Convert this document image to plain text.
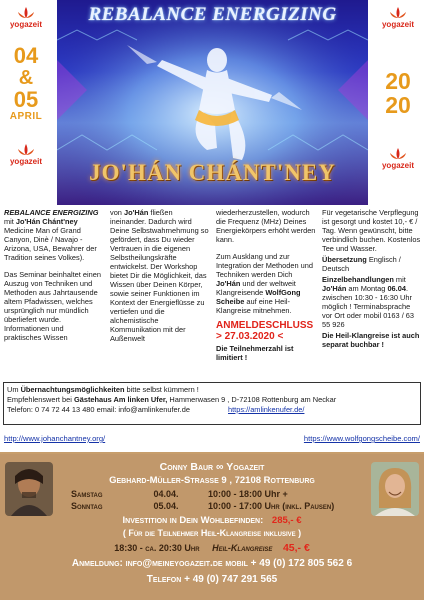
yogazeit
04
&
05
APRIL
yogazeit
REBALANCE ENERGIZING
JO'HÁN CHÁNT'NEY
yogazeit
20
20
yogazeit

REBALANCE ENERGIZING mit Jo'Hán Chánt'ney Medicine Man of Grand Canyon, Dinè / Navajo - Arizona, USA, Bewahrer der Tradition seines Volkes).

Das Seminar beinhaltet einen Auszug von Techniken und Methoden aus Jahrtausende altem Pfadwissen, welches ursprünglich nur mündlich überliefert wurde. Informationen und praktisches Wissen

von Jo'Hán fließen ineinander. Dadurch wird Deine Selbstwahrnehmung so gefördert, dass Du wieder Vertrauen in die eigenen Selbstheilungskräfte entwickelst. Der Workshop bietet Dir die Möglichkeit, das Wissen über Deinen Körper, sowie seiner Funktionen im Kontext der Energieflüsse zu vertiefen und die alchemistische Kommunikation mit der Außenwelt

wiederherzustellen, wodurch die Frequenz (MHz) Deines Energiekörpers erhöht werden kann.

Zum Ausklang und zur Integration der Methoden und Techniken werden Dich Jo'Hán und der weltweit Klangreisende WolfGong Scheibe auf eine Heil-Klangreise mitnehmen.

ANMELDESCHLUSS
> 27.03.2020 <
Die Teilnehmerzahl ist limitiert !

Für vegetarische Verpflegung ist gesorgt und kostet 10,- € / Tag. Wenn gewünscht, bitte verbindlich buchen. Kostenlos Tee und Wasser.

Übersetzung Englisch / Deutsch

Einzelbehandlungen mit Jo'Hán am Montag 06.04. zwischen 10:30 - 16:30 Uhr möglich ! Terminabsprache vor Ort oder mobil 0163 / 63 55 926

Die Heil-Klangreise ist auch separat buchbar !

Um Übernachtungsmöglichkeiten bitte selbst kümmern !
Empfehlenswert bei Gästehaus Am linken Ufer, Hammerwasen 9 , D-72108 Rottenburg am Neckar
Telefon: 0 74 72 44 13 480 email: info@amlinkenufer.de	https://amlinkenufer.de/
http://www.johanchantney.org/	https://www.wolfgongscheibe.com/
Conny Baur ∞ Yogazeit
Gebhard-Müller-Straße 9 , 72108 Rottenburg
Samstag	04.04.	10:00 - 18:00 Uhr +
Sonntag	05.04.	10:00 - 17:00 Uhr (inkl. Pausen)
Investition in Dein Wohlbefinden: 285,- €
( Für die Teilnehmer Heil-Klangreise inklusive )
18:30 - ca. 20:30 Uhr Heil-Klangreise 45,- €
Anmeldung: info@meineyogazeit.de mobil + 49 (0) 172 805 562 6
Telefon + 49 (0) 747 291 565
